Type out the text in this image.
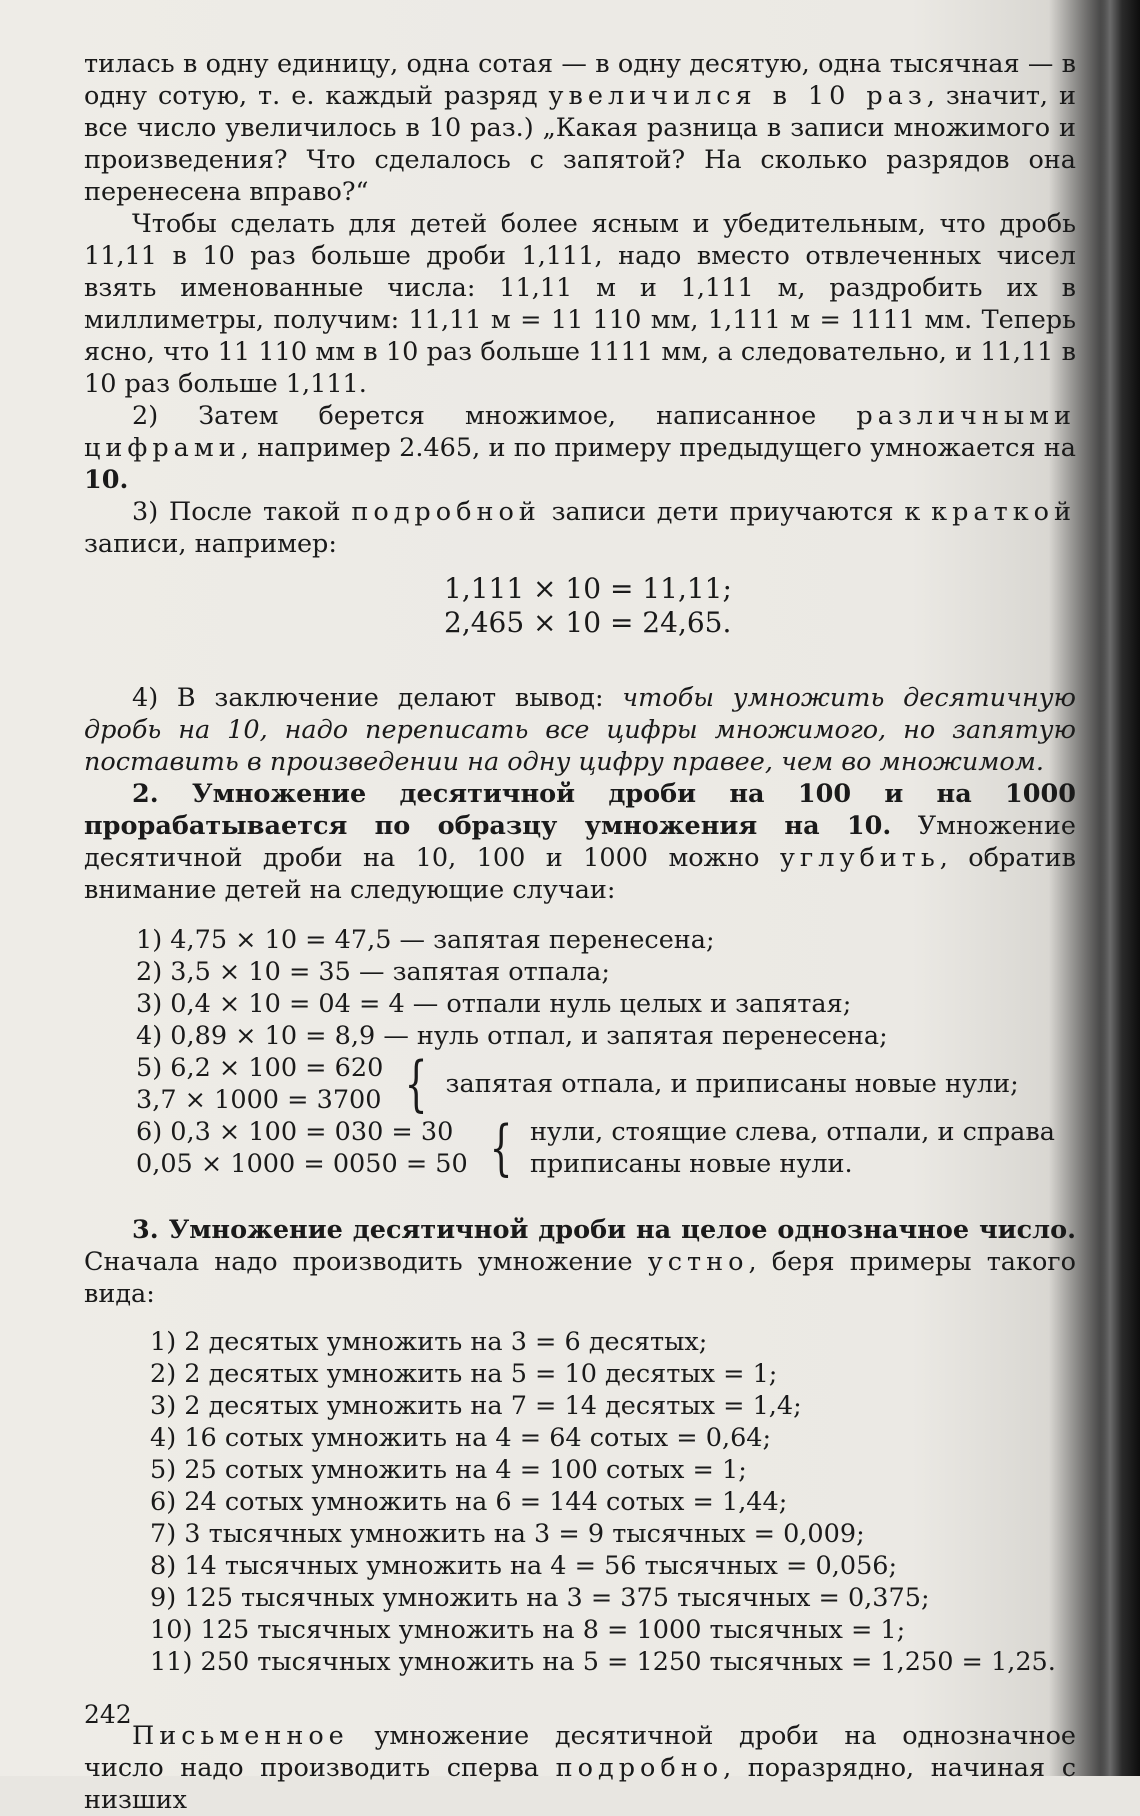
тилась в одну единицу, одна сотая — в одну десятую, одна тысячная — в одну сотую, т. е. каждый разряд увеличился в 10 раз, значит, и все число увеличилось в 10 раз.) „Какая разница в записи множимого и произведения? Что сделалось с запятой? На сколько разрядов она перенесена вправо?“

Чтобы сделать для детей более ясным и убедительным, что дробь 11,11 в 10 раз больше дроби 1,111, надо вместо отвлеченных чисел взять именованные числа: 11,11 м и 1,111 м, раздробить их в миллиметры, получим: 11,11 м = 11 110 мм, 1,111 м = 1111 мм. Теперь ясно, что 11 110 мм в 10 раз больше 1111 мм, а следовательно, и 11,11 в 10 раз больше 1,111.

2) Затем берется множимое, написанное различными цифрами, например 2.465, и по примеру предыдущего умножается на 10.

3) После такой подробной записи дети приучаются к краткой записи, например:

1,111 × 10 = 11,11;
2,465 × 10 = 24,65.

4) В заключение делают вывод: чтобы умножить десятичную дробь на 10, надо переписать все цифры множимого, но запятую поставить в произведении на одну цифру правее, чем во множимом.

2. Умножение десятичной дроби на 100 и на 1000 прорабатывается по образцу умножения на 10. Умножение десятичной дроби на 10, 100 и 1000 можно углубить, обратив внимание детей на следующие случаи:

1) 4,75 × 10 = 47,5 — запятая перенесена;
2) 3,5 × 10 = 35 — запятая отпала;
3) 0,4 × 10 = 04 = 4 — отпали нуль целых и запятая;
4) 0,89 × 10 = 8,9 — нуль отпал, и запятая перенесена;
5) 6,2 × 100 = 620
3,7 × 1000 = 3700 { запятая отпала, и приписаны новые нули;
6) 0,3 × 100 = 030 = 30
0,05 × 1000 = 0050 = 50 { нули, стоящие слева, отпали, и справа
приписаны новые нули.

3. Умножение десятичной дроби на целое однозначное число. Сначала надо производить умножение устно, беря примеры такого вида:

1) 2 десятых умножить на 3 = 6 десятых;
2) 2 десятых умножить на 5 = 10 десятых = 1;
3) 2 десятых умножить на 7 = 14 десятых = 1,4;
4) 16 сотых умножить на 4 = 64 сотых = 0,64;
5) 25 сотых умножить на 4 = 100 сотых = 1;
6) 24 сотых умножить на 6 = 144 сотых = 1,44;
7) 3 тысячных умножить на 3 = 9 тысячных = 0,009;
8) 14 тысячных умножить на 4 = 56 тысячных = 0,056;
9) 125 тысячных умножить на 3 = 375 тысячных = 0,375;
10) 125 тысячных умножить на 8 = 1000 тысячных = 1;
11) 250 тысячных умножить на 5 = 1250 тысячных = 1,250 = 1,25.

Письменное умножение десятичной дроби на однозначное число надо производить сперва подробно, поразрядно, начиная с низших

242
